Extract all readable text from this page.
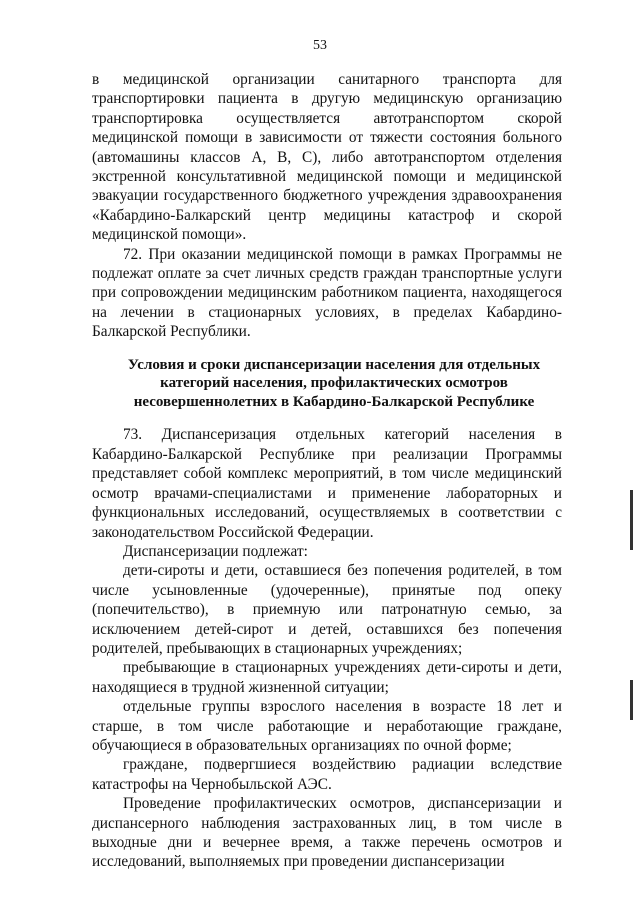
53

в медицинской организации санитарного транспорта для транспортировки пациента в другую медицинскую организацию транспортировка осуществляется автотранспортом скорой медицинской помощи в зависимости от тяжести состояния больного (автомашины классов А, В, С), либо автотранспортом отделения экстренной консультативной медицинской помощи и медицинской эвакуации государственного бюджетного учреждения здравоохранения «Кабардино-Балкарский центр медицины катастроф и скорой медицинской помощи».

72. При оказании медицинской помощи в рамках Программы не подлежат оплате за счет личных средств граждан транспортные услуги при сопровождении медицинским работником пациента, находящегося на лечении в стационарных условиях, в пределах Кабардино-Балкарской Республики.

Условия и сроки диспансеризации населения для отдельных
категорий населения, профилактических осмотров
несовершеннолетних в Кабардино-Балкарской Республике

73. Диспансеризация отдельных категорий населения в Кабардино-Балкарской Республике при реализации Программы представляет собой комплекс мероприятий, в том числе медицинский осмотр врачами-специалистами и применение лабораторных и функциональных исследований, осуществляемых в соответствии с законодательством Российской Федерации.

Диспансеризации подлежат:

дети-сироты и дети, оставшиеся без попечения родителей, в том числе усыновленные (удочеренные), принятые под опеку (попечительство), в приемную или патронатную семью, за исключением детей-сирот и детей, оставшихся без попечения родителей, пребывающих в стационарных учреждениях;

пребывающие в стационарных учреждениях дети-сироты и дети, находящиеся в трудной жизненной ситуации;

отдельные группы взрослого населения в возрасте 18 лет и старше, в том числе работающие и неработающие граждане, обучающиеся в образовательных организациях по очной форме;

граждане, подвергшиеся воздействию радиации вследствие катастрофы на Чернобыльской АЭС.

Проведение профилактических осмотров, диспансеризации и диспансерного наблюдения застрахованных лиц, в том числе в выходные дни и вечернее время, а также перечень осмотров и исследований, выполняемых при проведении диспансеризации
